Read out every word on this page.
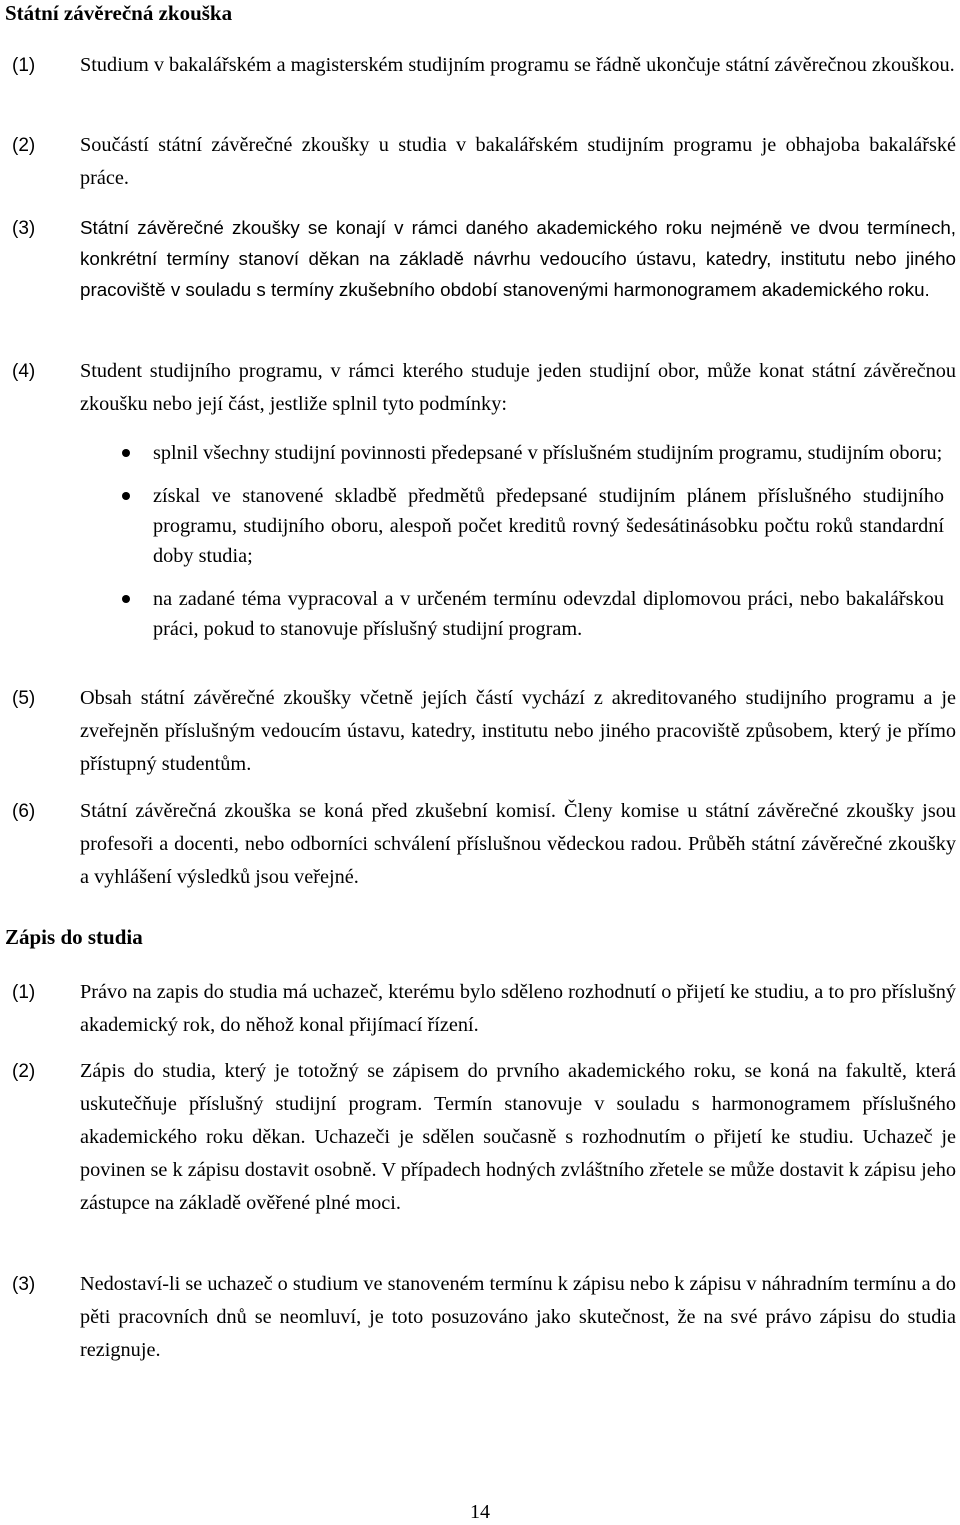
Státní závěrečná zkouška
(1)	Studium v bakalářském a magisterském studijním programu se řádně ukončuje státní závěrečnou zkouškou.

(2)	Součástí státní závěrečné zkoušky u studia v bakalářském studijním programu je obhajoba bakalářské práce.

(3)	Státní závěrečné zkoušky se konají v rámci daného akademického roku nejméně ve dvou termínech, konkrétní termíny stanoví děkan na základě návrhu vedoucího ústavu, katedry, institutu nebo jiného pracoviště v souladu s termíny zkušebního období stanovenými harmonogramem akademického roku.

(4)	Student studijního programu, v rámci kterého studuje jeden studijní obor, může konat státní závěrečnou zkoušku nebo její část, jestliže splnil tyto podmínky:

splnil všechny studijní povinnosti předepsané v příslušném studijním programu, studijním oboru;
získal ve stanovené skladbě předmětů předepsané studijním plánem příslušného studijního programu, studijního oboru, alespoň počet kreditů rovný šedesátinásobku počtu roků standardní doby studia;
na zadané téma vypracoval a v určeném termínu odevzdal diplomovou práci, nebo bakalářskou práci, pokud to stanovuje příslušný studijní program.
(5)	Obsah státní závěrečné zkoušky včetně jejích částí vychází z akreditovaného studijního programu a je zveřejněn příslušným vedoucím ústavu, katedry, institutu nebo jiného pracoviště způsobem, který je přímo přístupný studentům.

(6)	Státní závěrečná zkouška se koná před zkušební komisí. Členy komise u státní závěrečné zkoušky jsou profesoři a docenti, nebo odborníci schválení příslušnou vědeckou radou. Průběh státní závěrečné zkoušky a vyhlášení výsledků jsou veřejné.

Zápis do studia
(1)	Právo na zapis do studia má uchazeč, kterému bylo sděleno rozhodnutí o přijetí ke studiu, a to pro příslušný akademický rok, do něhož konal přijímací řízení.

(2)	Zápis do studia, který je totožný se zápisem do prvního akademického roku, se koná na fakultě, která uskutečňuje příslušný studijní program. Termín stanovuje v souladu s harmonogramem příslušného akademického roku děkan. Uchazeči je sdělen současně s rozhodnutím o přijetí ke studiu. Uchazeč je povinen se k zápisu dostavit osobně. V případech hodných zvláštního zřetele se může dostavit k zápisu jeho zástupce na základě ověřené plné moci.

(3)	Nedostaví-li se uchazeč o studium ve stanoveném termínu k zápisu nebo k zápisu v náhradním termínu a do pěti pracovních dnů se neomluví, je toto posuzováno jako skutečnost, že na své právo zápisu do studia rezignuje.

14
